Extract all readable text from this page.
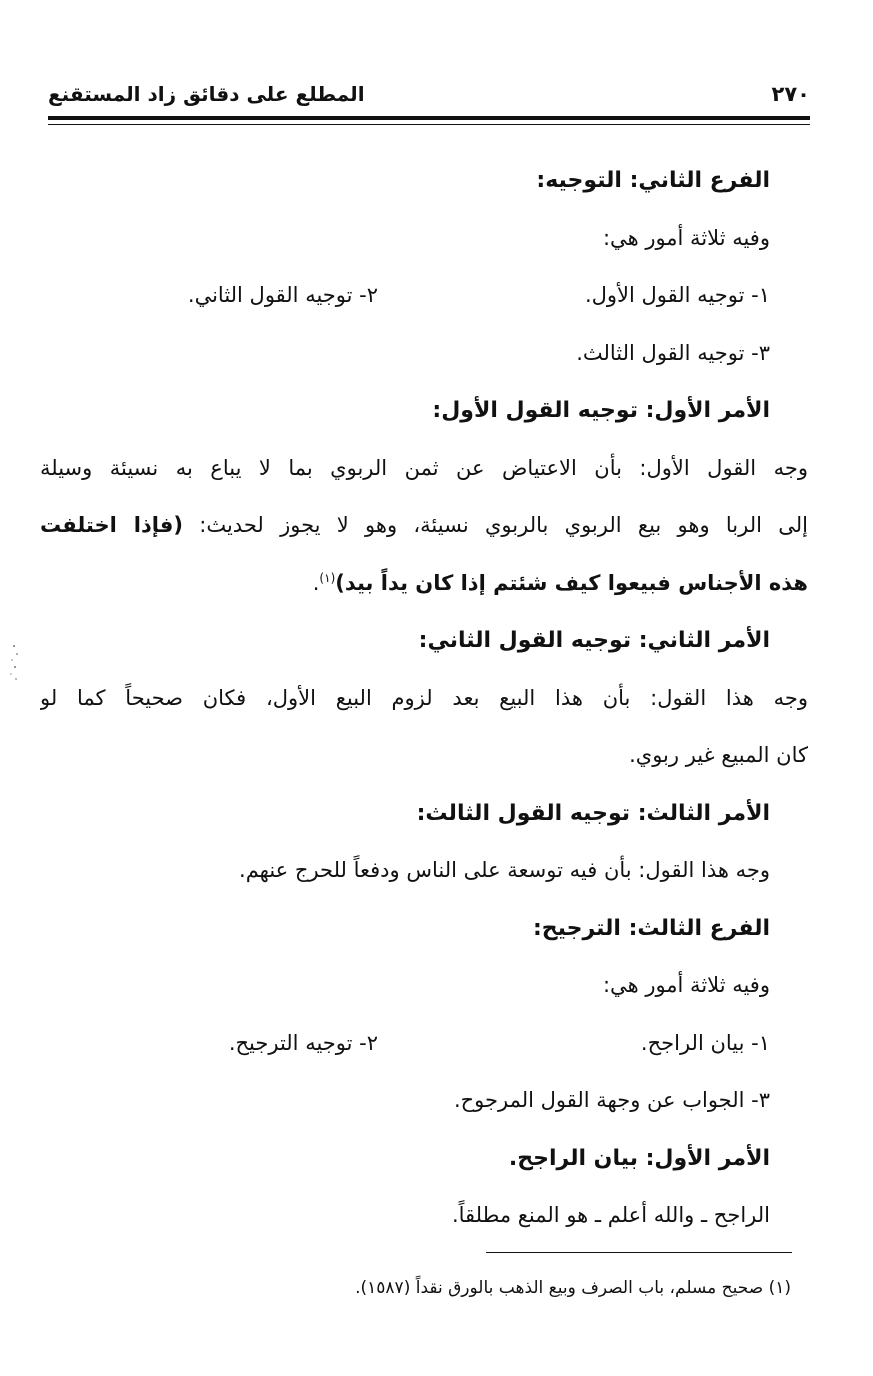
المطلع على دقائق زاد المستقنع	٢٧٠
الفرع الثاني: التوجيه:
وفيه ثلاثة أمور هي:
١- توجيه القول الأول.
٢- توجيه القول الثاني.
٣- توجيه القول الثالث.
الأمر الأول: توجيه القول الأول:
وجه القول الأول: بأن الاعتياض عن ثمن الربوي بما لا يباع به نسيئة وسيلة
إلى الربا وهو بيع الربوي بالربوي نسيئة، وهو لا يجوز لحديث: (فإذا اختلفت
هذه الأجناس فبيعوا كيف شئتم إذا كان يداً بيد)$^{(١)}$.
الأمر الثاني: توجيه القول الثاني:
وجه هذا القول: بأن هذا البيع بعد لزوم البيع الأول، فكان صحيحاً كما لو
كان المبيع غير ربوي.
الأمر الثالث: توجيه القول الثالث:
وجه هذا القول: بأن فيه توسعة على الناس ودفعاً للحرج عنهم.
الفرع الثالث: الترجيح:
وفيه ثلاثة أمور هي:
١- بيان الراجح.
٢- توجيه الترجيح.
٣- الجواب عن وجهة القول المرجوح.
الأمر الأول: بيان الراجح.
الراجح ـ والله أعلم ـ هو المنع مطلقاً.
(١) صحيح مسلم، باب الصرف وبيع الذهب بالورق نقداً (١٥٨٧).
